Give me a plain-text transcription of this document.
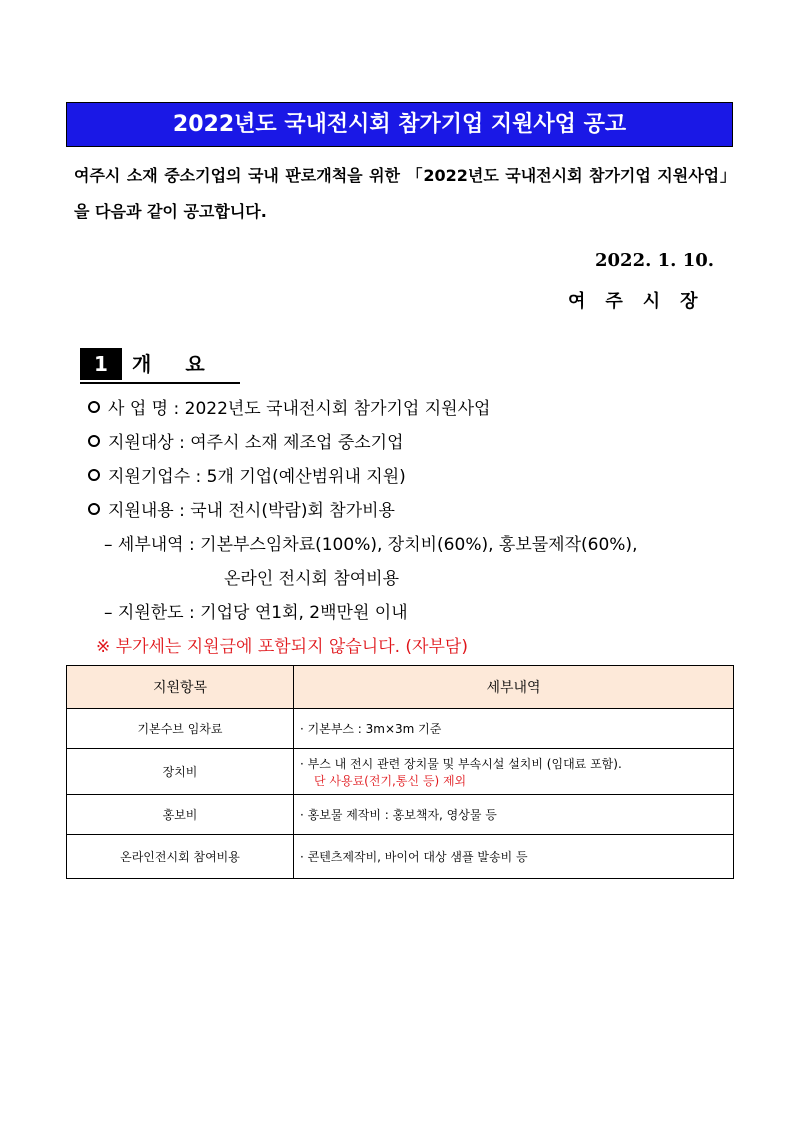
2022년도 국내전시회 참가기업 지원사업 공고
여주시 소재 중소기업의 국내 판로개척을 위한 「2022년도 국내전시회 참가기업 지원사업」을 다음과 같이 공고합니다.
2022. 1. 10.
여주시장
1	개요
사 업 명 : 2022년도 국내전시회 참가기업 지원사업
지원대상 : 여주시 소재 제조업 중소기업
지원기업수 : 5개 기업(예산범위내 지원)
지원내용 : 국내 전시(박람)회 참가비용
– 세부내역 : 기본부스임차료(100%), 장치비(60%), 홍보물제작(60%),
온라인 전시회 참여비용
– 지원한도 : 기업당 연1회, 2백만원 이내
※ 부가세는 지원금에 포함되지 않습니다. (자부담)
지원항목	세부내역
기본수브 임차료	· 기본부스 : 3m×3m 기준
장치비	· 부스 내 전시 관련 장치물 및 부속시설 설치비 (임대료 포함).
단 사용료(전기,통신 등) 제외

홍보비	· 홍보물 제작비 : 홍보책자, 영상물 등
온라인전시회 참여비용	· 콘텐츠제작비, 바이어 대상 샘플 발송비 등
